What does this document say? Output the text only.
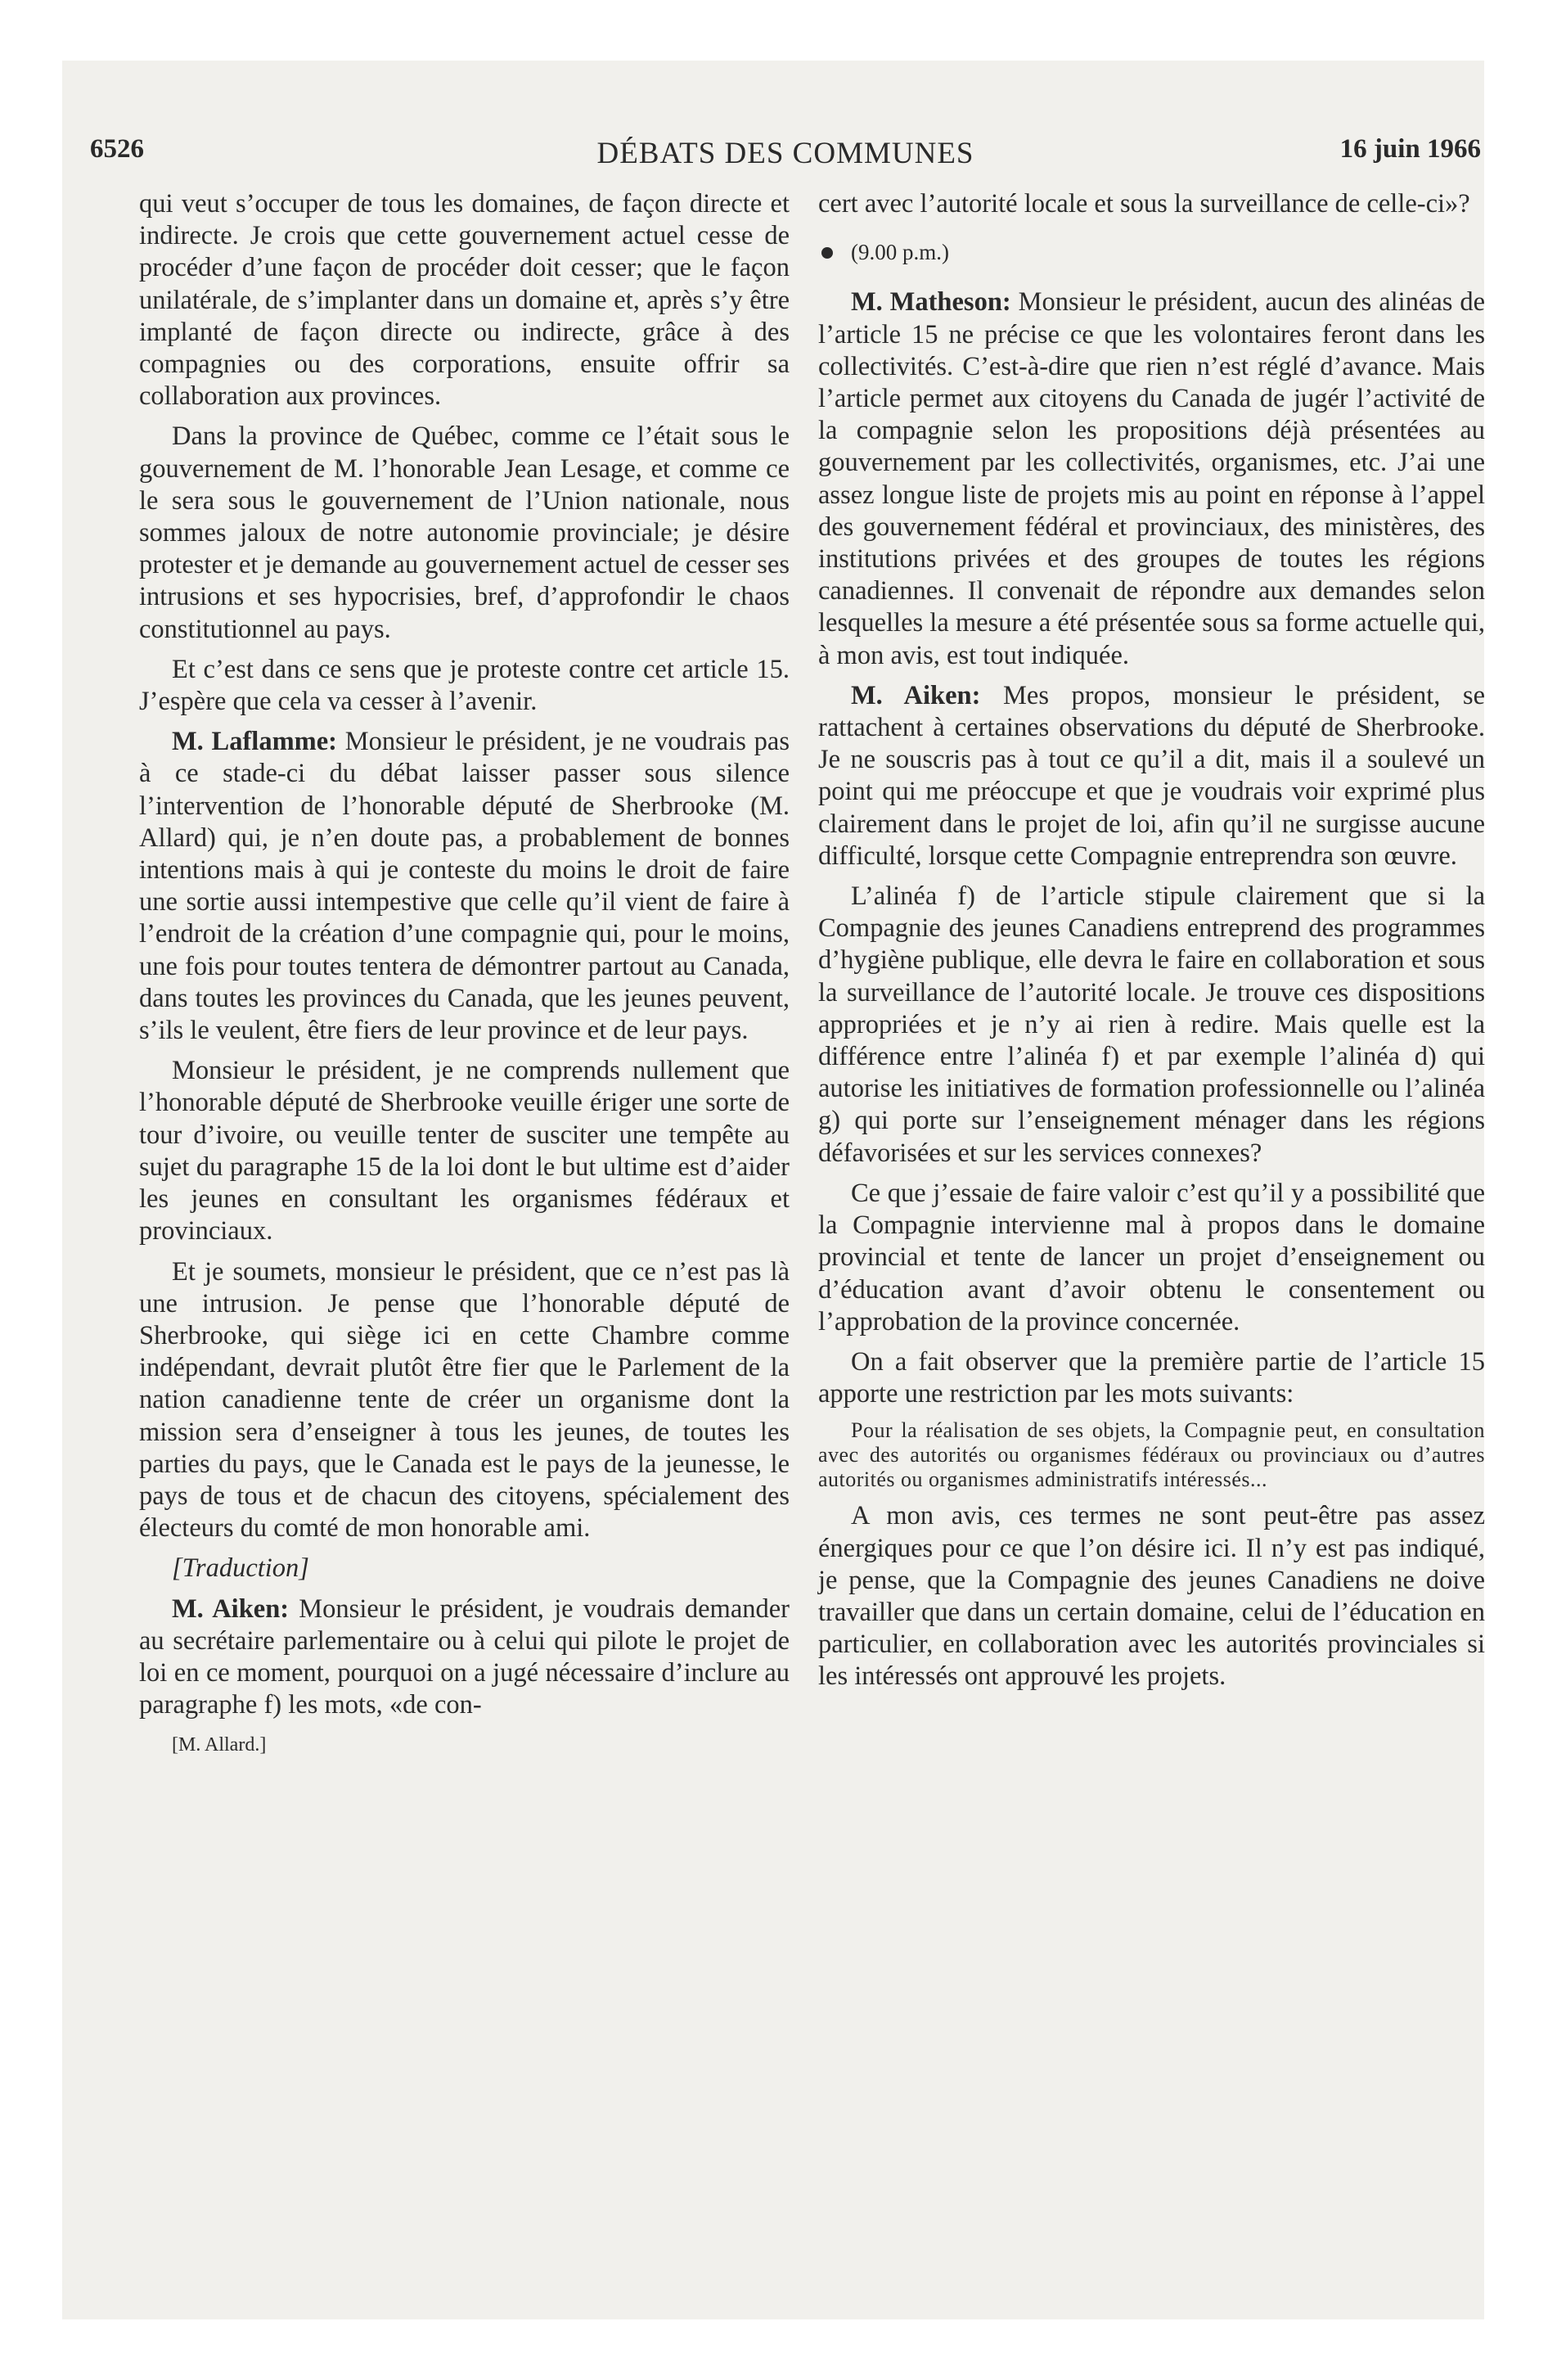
6526	DÉBATS DES COMMUNES	16 juin 1966

qui veut s’occuper de tous les domaines, de façon directe et indirecte. Je crois que cette gouvernement actuel cesse de procéder d’une façon de procéder doit cesser; que le façon unilatérale, de s’implanter dans un domaine et, après s’y être implanté de façon directe ou indirecte, grâce à des compagnies ou des corporations, ensuite offrir sa collaboration aux provinces.

Dans la province de Québec, comme ce l’était sous le gouvernement de M. l’honorable Jean Lesage, et comme ce le sera sous le gouvernement de l’Union nationale, nous sommes jaloux de notre autonomie provinciale; je désire protester et je demande au gouvernement actuel de cesser ses intrusions et ses hypocrisies, bref, d’approfondir le chaos constitutionnel au pays.

Et c’est dans ce sens que je proteste contre cet article 15. J’espère que cela va cesser à l’avenir.

M. Laflamme: Monsieur le président, je ne voudrais pas à ce stade-ci du débat laisser passer sous silence l’intervention de l’honorable député de Sherbrooke (M. Allard) qui, je n’en doute pas, a probablement de bonnes intentions mais à qui je conteste du moins le droit de faire une sortie aussi intempestive que celle qu’il vient de faire à l’endroit de la création d’une compagnie qui, pour le moins, une fois pour toutes tentera de démontrer partout au Canada, dans toutes les provinces du Canada, que les jeunes peuvent, s’ils le veulent, être fiers de leur province et de leur pays.

Monsieur le président, je ne comprends nullement que l’honorable député de Sherbrooke veuille ériger une sorte de tour d’ivoire, ou veuille tenter de susciter une tempête au sujet du paragraphe 15 de la loi dont le but ultime est d’aider les jeunes en consultant les organismes fédéraux et provinciaux.

Et je soumets, monsieur le président, que ce n’est pas là une intrusion. Je pense que l’honorable député de Sherbrooke, qui siège ici en cette Chambre comme indépendant, devrait plutôt être fier que le Parlement de la nation canadienne tente de créer un organisme dont la mission sera d’enseigner à tous les jeunes, de toutes les parties du pays, que le Canada est le pays de la jeunesse, le pays de tous et de chacun des citoyens, spécialement des électeurs du comté de mon honorable ami.

[Traduction]

M. Aiken: Monsieur le président, je voudrais demander au secrétaire parlementaire ou à celui qui pilote le projet de loi en ce moment, pourquoi on a jugé nécessaire d’inclure au paragraphe f) les mots, «de con-

[M. Allard.]

cert avec l’autorité locale et sous la surveillance de celle-ci»?

(9.00 p.m.)

M. Matheson: Monsieur le président, aucun des alinéas de l’article 15 ne précise ce que les volontaires feront dans les collectivités. C’est-à-dire que rien n’est réglé d’avance. Mais l’article permet aux citoyens du Canada de jugér l’activité de la compagnie selon les propositions déjà présentées au gouvernement par les collectivités, organismes, etc. J’ai une assez longue liste de projets mis au point en réponse à l’appel des gouvernement fédéral et provinciaux, des ministères, des institutions privées et des groupes de toutes les régions canadiennes. Il convenait de répondre aux demandes selon lesquelles la mesure a été présentée sous sa forme actuelle qui, à mon avis, est tout indiquée.

M. Aiken: Mes propos, monsieur le président, se rattachent à certaines observations du député de Sherbrooke. Je ne souscris pas à tout ce qu’il a dit, mais il a soulevé un point qui me préoccupe et que je voudrais voir exprimé plus clairement dans le projet de loi, afin qu’il ne surgisse aucune difficulté, lorsque cette Compagnie entreprendra son œuvre.

L’alinéa f) de l’article stipule clairement que si la Compagnie des jeunes Canadiens entreprend des programmes d’hygiène publique, elle devra le faire en collaboration et sous la surveillance de l’autorité locale. Je trouve ces dispositions appropriées et je n’y ai rien à redire. Mais quelle est la différence entre l’alinéa f) et par exemple l’alinéa d) qui autorise les initiatives de formation professionnelle ou l’alinéa g) qui porte sur l’enseignement ménager dans les régions défavorisées et sur les services connexes?

Ce que j’essaie de faire valoir c’est qu’il y a possibilité que la Compagnie intervienne mal à propos dans le domaine provincial et tente de lancer un projet d’enseignement ou d’éducation avant d’avoir obtenu le consentement ou l’approbation de la province concernée.

On a fait observer que la première partie de l’article 15 apporte une restriction par les mots suivants:

Pour la réalisation de ses objets, la Compagnie peut, en consultation avec des autorités ou organismes fédéraux ou provinciaux ou d’autres autorités ou organismes administratifs intéressés...

A mon avis, ces termes ne sont peut-être pas assez énergiques pour ce que l’on désire ici. Il n’y est pas indiqué, je pense, que la Compagnie des jeunes Canadiens ne doive travailler que dans un certain domaine, celui de l’éducation en particulier, en collaboration avec les autorités provinciales si les intéressés ont approuvé les projets.
